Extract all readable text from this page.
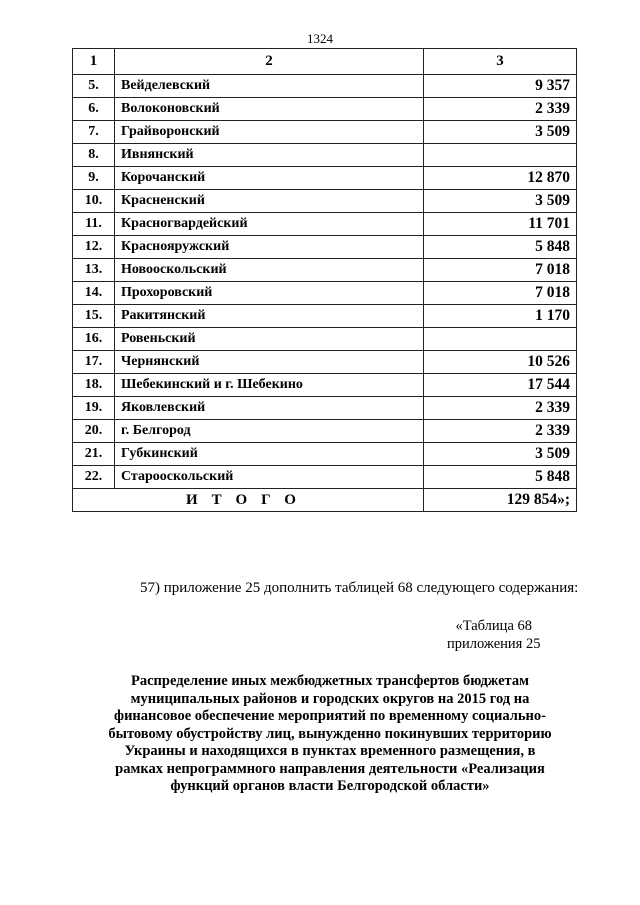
1324
1	2	3
5.	Вейделевский	9 357
6.	Волоконовский	2 339
7.	Грайворонский	3 509
8.	Ивнянский	
9.	Корочанский	12 870
10.	Красненский	3 509
11.	Красногвардейский	11 701
12.	Краснояружский	5 848
13.	Новооскольский	7 018
14.	Прохоровский	7 018
15.	Ракитянский	1 170
16.	Ровеньский	
17.	Чернянский	10 526
18.	Шебекинский и г. Шебекино	17 544
19.	Яковлевский	2 339
20.	г. Белгород	2 339
21.	Губкинский	3 509
22.	Старооскольский	5 848
ИТОГО		129 854»;
57) приложение 25 дополнить таблицей 68 следующего содержания:
«Таблица 68
приложения 25
Распределение иных межбюджетных трансфертов бюджетам
муниципальных районов и городских округов на 2015 год на
финансовое обеспечение мероприятий по временному социально-
бытовому обустройству лиц, вынужденно покинувших территорию
Украины и находящихся в пунктах временного размещения, в
рамках непрограммного направления деятельности «Реализация
функций органов власти Белгородской области»
